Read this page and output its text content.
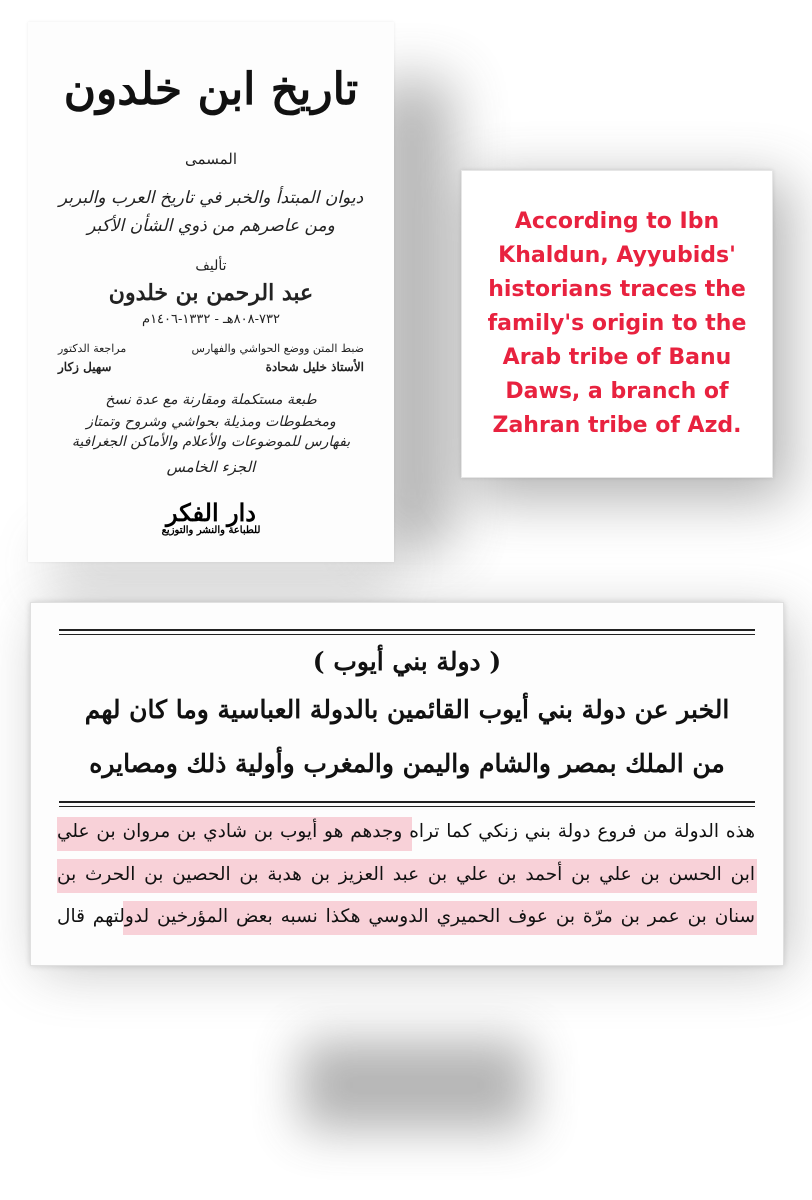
تاريخ ابن خلدون
المسمى
ديوان المبتدأ والخبر في تاريخ العرب والبربر
ومن عاصرهم من ذوي الشأن الأكبر
تأليف
عبد الرحمن بن خلدون
٧٣٢-٨٠٨هـ - ١٣٣٢-١٤٠٦م
ضبط المتن ووضع الحواشي والفهارس
مراجعة الدكتور
الأستاذ خليل شحادة
سهيل زكار
طبعة مستكملة ومقارنة مع عدة نسخ
ومخطوطات ومذيلة بحواشي وشروح وتمتاز
بفهارس للموضوعات والأعلام والأماكن الجغرافية
الجزء الخامس
دار الفكر
للطباعة والنشر والتوزيع
According to Ibn Khaldun, Ayyubids' historians traces the family's origin to the Arab tribe of Banu Daws, a branch of Zahran tribe of Azd.
( دولة بني أيوب )
الخبر عن دولة بني أيوب القائمين بالدولة العباسية وما كان لهم
من الملك بمصر والشام واليمن والمغرب وأولية ذلك ومصايره
هذه الدولة من فروع دولة بني زنكي كما تراه وجدهم هو أيوب بن شادي بن مروان بن علي
ابن الحسن بن علي بن أحمد بن علي بن عبد العزيز بن هدبة بن الحصين بن الحرث بن
سنان بن عمر بن مرّة بن عوف الحميري الدوسي هكذا نسبه بعض المؤرخين لدولتهم قال
